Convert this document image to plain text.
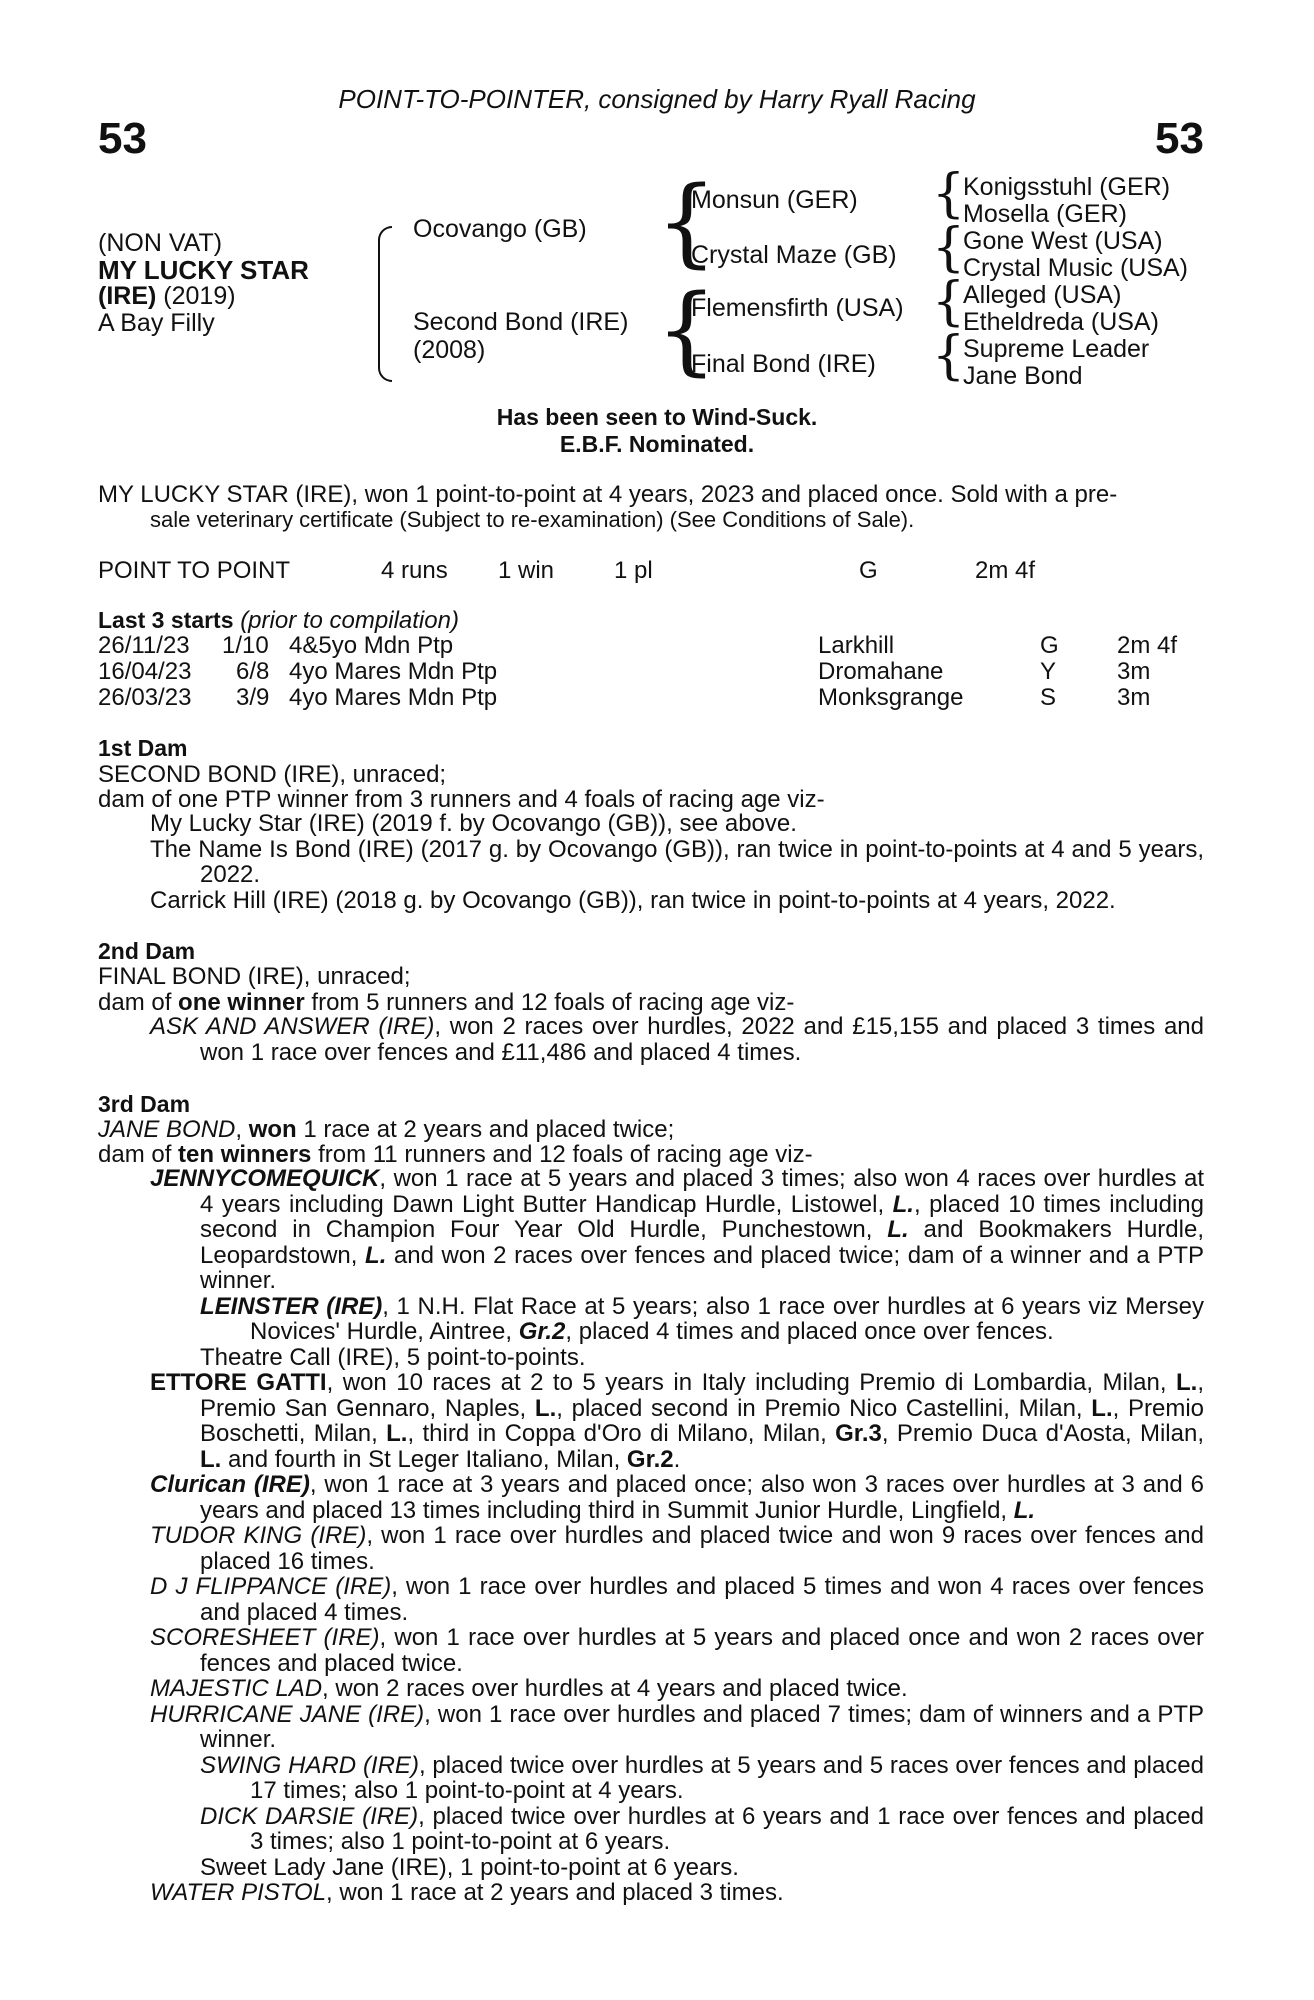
POINT-TO-POINTER, consigned by Harry Ryall Racing
53	53
(NON VAT)
MY LUCKY STAR
(IRE) (2019)
A Bay Filly
Ocovango (GB)
Second Bond (IRE)
(2008)
{
{
Monsun (GER)
Crystal Maze (GB)
Flemensfirth (USA)
Final Bond (IRE)
{
{
{
{
Konigsstuhl (GER)
Mosella (GER)
Gone West (USA)
Crystal Music (USA)
Alleged (USA)
Etheldreda (USA)
Supreme Leader
Jane Bond
Has been seen to Wind-Suck.
E.B.F. Nominated.
MY LUCKY STAR (IRE), won 1 point-to-point at 4 years, 2023 and placed once. Sold with a pre-
sale veterinary certificate (Subject to re-examination) (See Conditions of Sale).
POINT TO POINT	4 runs 1 win 1 pl	G	2m 4f
Last 3 starts (prior to compilation)
26/11/23 1/10 4&5yo Mdn Ptp	Larkhill	G 2m 4f
16/04/23 6/8 4yo Mares Mdn Ptp	Dromahane	Y	3m
26/03/23 3/9 4yo Mares Mdn Ptp	Monksgrange	S	3m
1st Dam
SECOND BOND (IRE), unraced;
dam of one PTP winner from 3 runners and 4 foals of racing age viz-

My Lucky Star (IRE) (2019 f. by Ocovango (GB)), see above.

The Name Is Bond (IRE) (2017 g. by Ocovango (GB)), ran twice in point-to-points at 4 and 5 years, 2022.

Carrick Hill (IRE) (2018 g. by Ocovango (GB)), ran twice in point-to-points at 4 years, 2022.

2nd Dam
FINAL BOND (IRE), unraced;
dam of one winner from 5 runners and 12 foals of racing age viz-

ASK AND ANSWER (IRE), won 2 races over hurdles, 2022 and £15,155 and placed 3 times and won 1 race over fences and £11,486 and placed 4 times.

3rd Dam
JANE BOND, won 1 race at 2 years and placed twice;
dam of ten winners from 11 runners and 12 foals of racing age viz-

JENNYCOMEQUICK, won 1 race at 5 years and placed 3 times; also won 4 races over hurdles at 4 years including Dawn Light Butter Handicap Hurdle, Listowel, L., placed 10 times including second in Champion Four Year Old Hurdle, Punchestown, L. and Bookmakers Hurdle, Leopardstown, L. and won 2 races over fences and placed twice; dam of a winner and a PTP winner.

LEINSTER (IRE), 1 N.H. Flat Race at 5 years; also 1 race over hurdles at 6 years viz Mersey Novices' Hurdle, Aintree, Gr.2, placed 4 times and placed once over fences.

Theatre Call (IRE), 5 point-to-points.

ETTORE GATTI, won 10 races at 2 to 5 years in Italy including Premio di Lombardia, Milan, L., Premio San Gennaro, Naples, L., placed second in Premio Nico Castellini, Milan, L., Premio Boschetti, Milan, L., third in Coppa d'Oro di Milano, Milan, Gr.3, Premio Duca d'Aosta, Milan, L. and fourth in St Leger Italiano, Milan, Gr.2.

Clurican (IRE), won 1 race at 3 years and placed once; also won 3 races over hurdles at 3 and 6 years and placed 13 times including third in Summit Junior Hurdle, Lingfield, L.

TUDOR KING (IRE), won 1 race over hurdles and placed twice and won 9 races over fences and placed 16 times.

D J FLIPPANCE (IRE), won 1 race over hurdles and placed 5 times and won 4 races over fences and placed 4 times.

SCORESHEET (IRE), won 1 race over hurdles at 5 years and placed once and won 2 races over fences and placed twice.

MAJESTIC LAD, won 2 races over hurdles at 4 years and placed twice.

HURRICANE JANE (IRE), won 1 race over hurdles and placed 7 times; dam of winners and a PTP winner.

SWING HARD (IRE), placed twice over hurdles at 5 years and 5 races over fences and placed 17 times; also 1 point-to-point at 4 years.

DICK DARSIE (IRE), placed twice over hurdles at 6 years and 1 race over fences and placed 3 times; also 1 point-to-point at 6 years.

Sweet Lady Jane (IRE), 1 point-to-point at 6 years.

WATER PISTOL, won 1 race at 2 years and placed 3 times.
